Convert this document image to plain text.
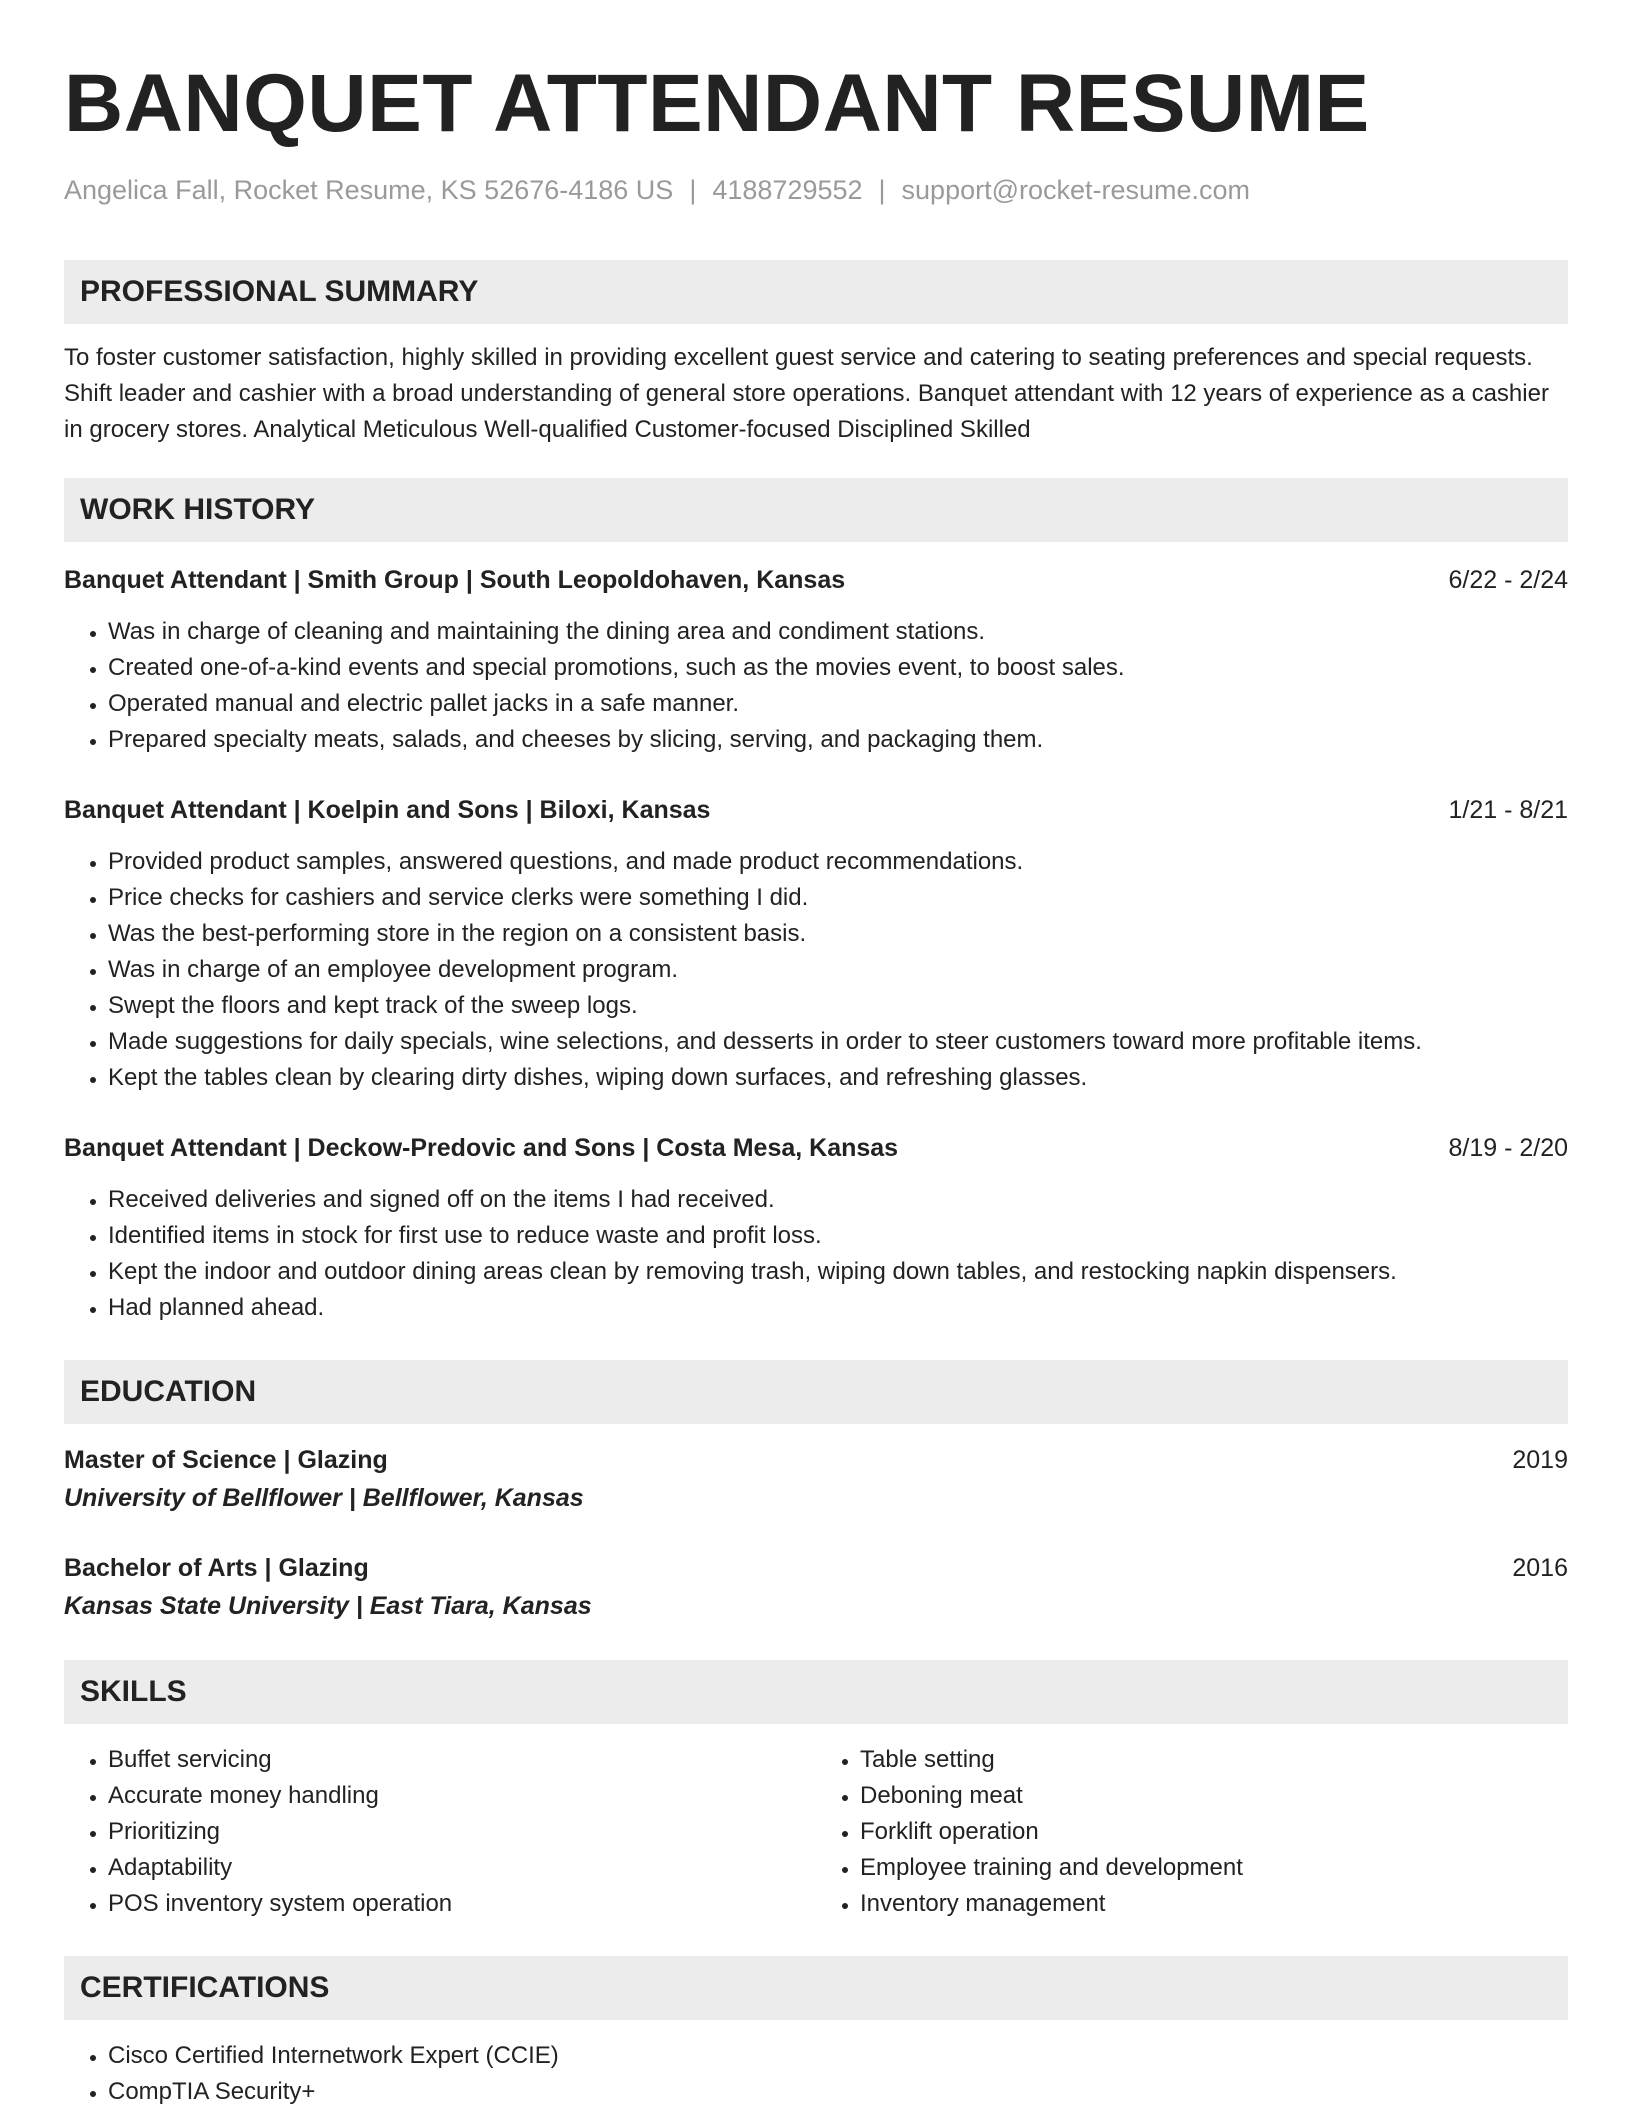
BANQUET ATTENDANT RESUME
Angelica Fall, Rocket Resume, KS 52676-4186 US | 4188729552 | support@rocket-resume.com
PROFESSIONAL SUMMARY
To foster customer satisfaction, highly skilled in providing excellent guest service and catering to seating preferences and special requests. Shift leader and cashier with a broad understanding of general store operations. Banquet attendant with 12 years of experience as a cashier in grocery stores. Analytical Meticulous Well-qualified Customer-focused Disciplined Skilled
WORK HISTORY
Banquet Attendant | Smith Group | South Leopoldohaven, Kansas	6/22 - 2/24
• Was in charge of cleaning and maintaining the dining area and condiment stations.
• Created one-of-a-kind events and special promotions, such as the movies event, to boost sales.
• Operated manual and electric pallet jacks in a safe manner.
• Prepared specialty meats, salads, and cheeses by slicing, serving, and packaging them.
Banquet Attendant | Koelpin and Sons | Biloxi, Kansas	1/21 - 8/21
• Provided product samples, answered questions, and made product recommendations.
• Price checks for cashiers and service clerks were something I did.
• Was the best-performing store in the region on a consistent basis.
• Was in charge of an employee development program.
• Swept the floors and kept track of the sweep logs.
• Made suggestions for daily specials, wine selections, and desserts in order to steer customers toward more profitable items.
• Kept the tables clean by clearing dirty dishes, wiping down surfaces, and refreshing glasses.
Banquet Attendant | Deckow-Predovic and Sons | Costa Mesa, Kansas	8/19 - 2/20
• Received deliveries and signed off on the items I had received.
• Identified items in stock for first use to reduce waste and profit loss.
• Kept the indoor and outdoor dining areas clean by removing trash, wiping down tables, and restocking napkin dispensers.
• Had planned ahead.
EDUCATION
Master of Science | Glazing	2019
University of Bellflower | Bellflower, Kansas
Bachelor of Arts | Glazing	2016
Kansas State University | East Tiara, Kansas
SKILLS
• Buffet servicing
• Accurate money handling
• Prioritizing
• Adaptability
• POS inventory system operation
• Table setting
• Deboning meat
• Forklift operation
• Employee training and development
• Inventory management
CERTIFICATIONS
• Cisco Certified Internetwork Expert (CCIE)
• CompTIA Security+
